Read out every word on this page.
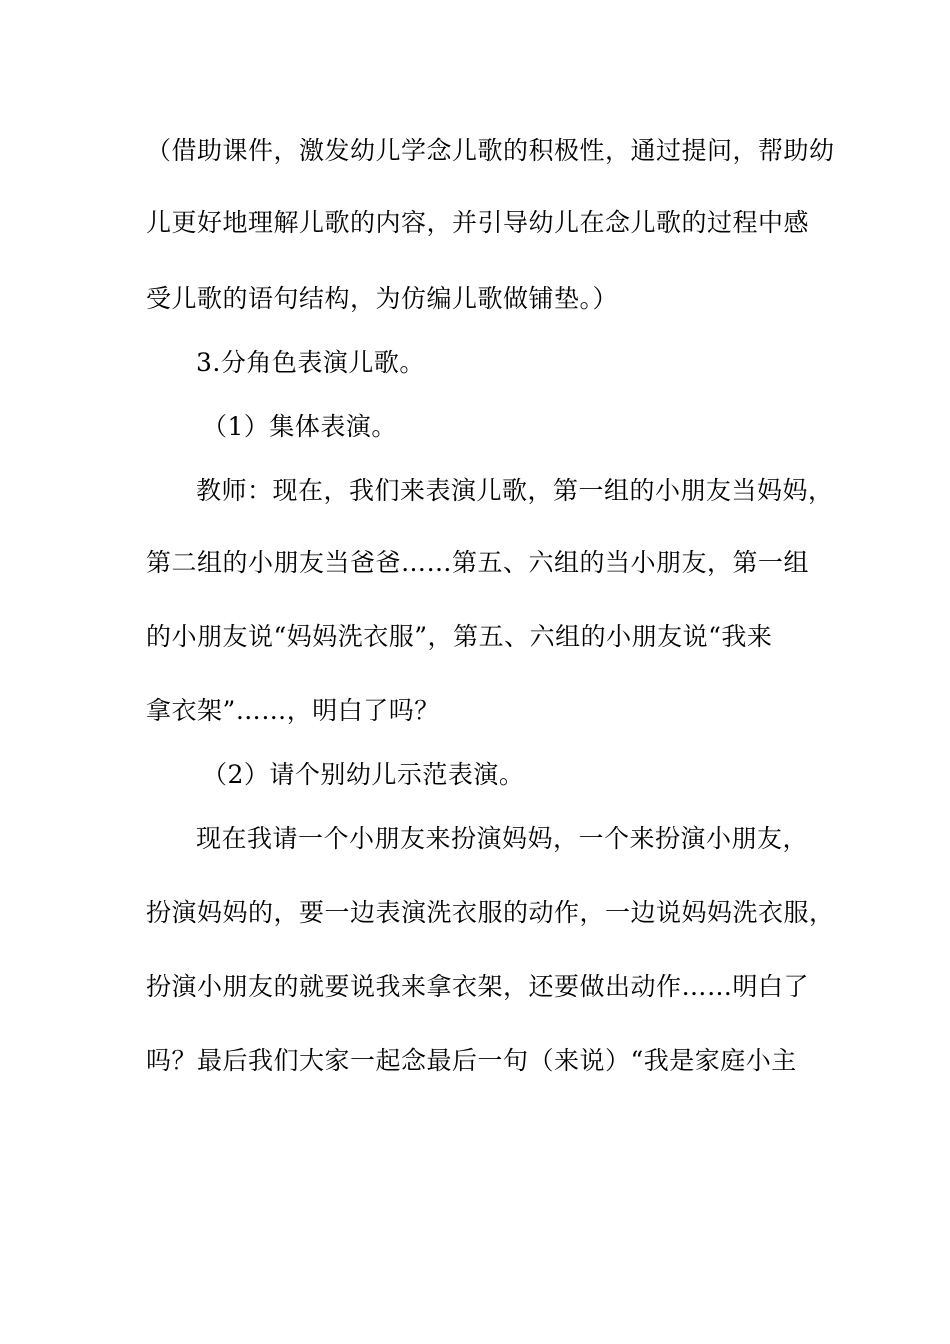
（借助课件，激发幼儿学念儿歌的积极性，通过提问，帮助幼
儿更好地理解儿歌的内容，并引导幼儿在念儿歌的过程中感
受儿歌的语句结构，为仿编儿歌做铺垫。）
3.分角色表演儿歌。
（1）集体表演。
教师：现在，我们来表演儿歌，第一组的小朋友当妈妈，
第二组的小朋友当爸爸……第五、六组的当小朋友，第一组
的小朋友说“妈妈洗衣服”，第五、六组的小朋友说“我来
拿衣架”……，明白了吗？
（2）请个别幼儿示范表演。
现在我请一个小朋友来扮演妈妈，一个来扮演小朋友，
扮演妈妈的，要一边表演洗衣服的动作，一边说妈妈洗衣服，
扮演小朋友的就要说我来拿衣架，还要做出动作……明白了
吗？最后我们大家一起念最后一句（来说）“我是家庭小主
